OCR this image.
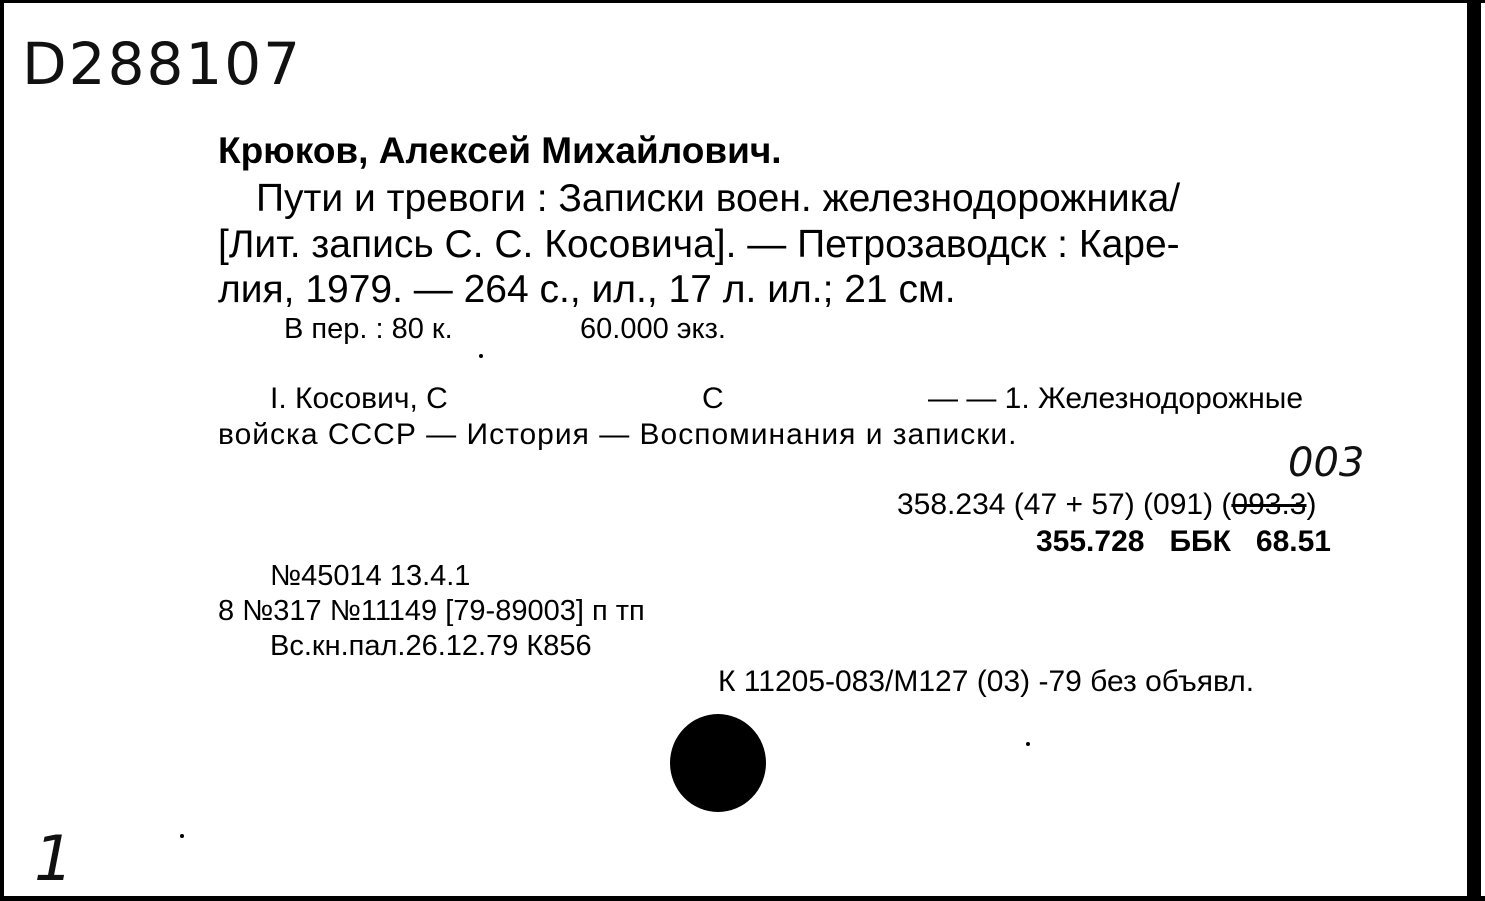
D288107

Крюков, Алексей Михайлович.

Пути и тревоги : Записки воен. железнодорожника/

[Лит. запись С. С. Косовича]. — Петрозаводск : Каре-

лия, 1979. — 264 с., ил., 17 л. ил.; 21 см.

В пер. : 80 к.	60.000 экз.

I. Косович, С	С	— — 1. Железнодорожные

войска СССР — История — Воспоминания и записки.

003

358.234 (47 + 57) (091) (093.3)

355.728 ББК 68.51

№45014 13.4.1

8 №317 №11149 [79-89003] п тп

Вс.кн.пал.26.12.79 К856

К 11205-083/М127 (03) -79 без объявл.

1
